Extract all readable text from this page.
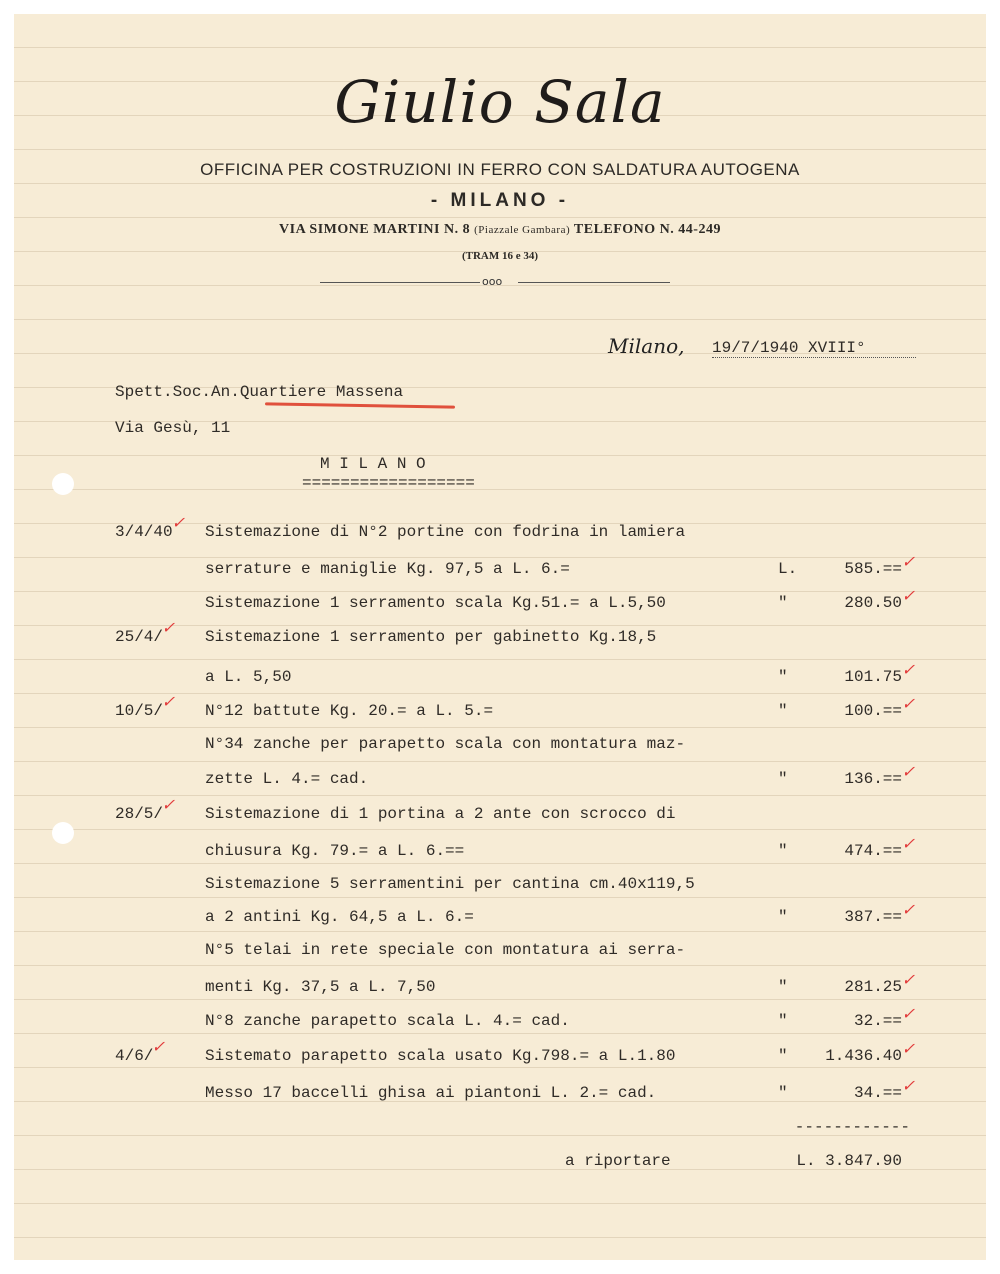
Giulio Sala
OFFICINA PER COSTRUZIONI IN FERRO CON SALDATURA AUTOGENA
- MILANO -
VIA SIMONE MARTINI N. 8 (Piazzale Gambara) TELEFONO N. 44-249
(TRAM 16 e 34)
ooo
Milano, 19/7/1940 XVIII°
Spett.Soc.An.Quartiere Massena
Via Gesù, 11
M I L A N O
==================
3/4/40 Sistemazione di N°2 portine con fodrina in lamiera
✓
serrature e maniglie Kg. 97,5 a L. 6.=	L.	585.==
✓
Sistemazione 1 serramento scala Kg.51.= a L.5,50	"	280.50
✓
25/4/	Sistemazione 1 serramento per gabinetto Kg.18,5
✓
a L. 5,50	"	101.75
✓
10/5/	N°12 battute Kg. 20.= a L. 5.=	"	100.==
✓
✓
N°34 zanche per parapetto scala con montatura maz-
zette L. 4.= cad.	"	136.==
✓
28/5/	Sistemazione di 1 portina a 2 ante con scrocco di
✓
chiusura Kg. 79.= a L. 6.==	"	474.==
✓
Sistemazione 5 serramentini per cantina cm.40x119,5
a 2 antini Kg. 64,5 a L. 6.=	"	387.==
✓
N°5 telai in rete speciale con montatura ai serra-
menti Kg. 37,5 a L. 7,50	"	281.25
✓
N°8 zanche parapetto scala L. 4.= cad.	"	32.==
✓
4/6/	Sistemato parapetto scala usato Kg.798.= a L.1.80	"	1.436.40
✓
✓
Messo 17 baccelli ghisa ai piantoni L. 2.= cad.	"	34.==
✓
------------
a riportare	L. 3.847.90
